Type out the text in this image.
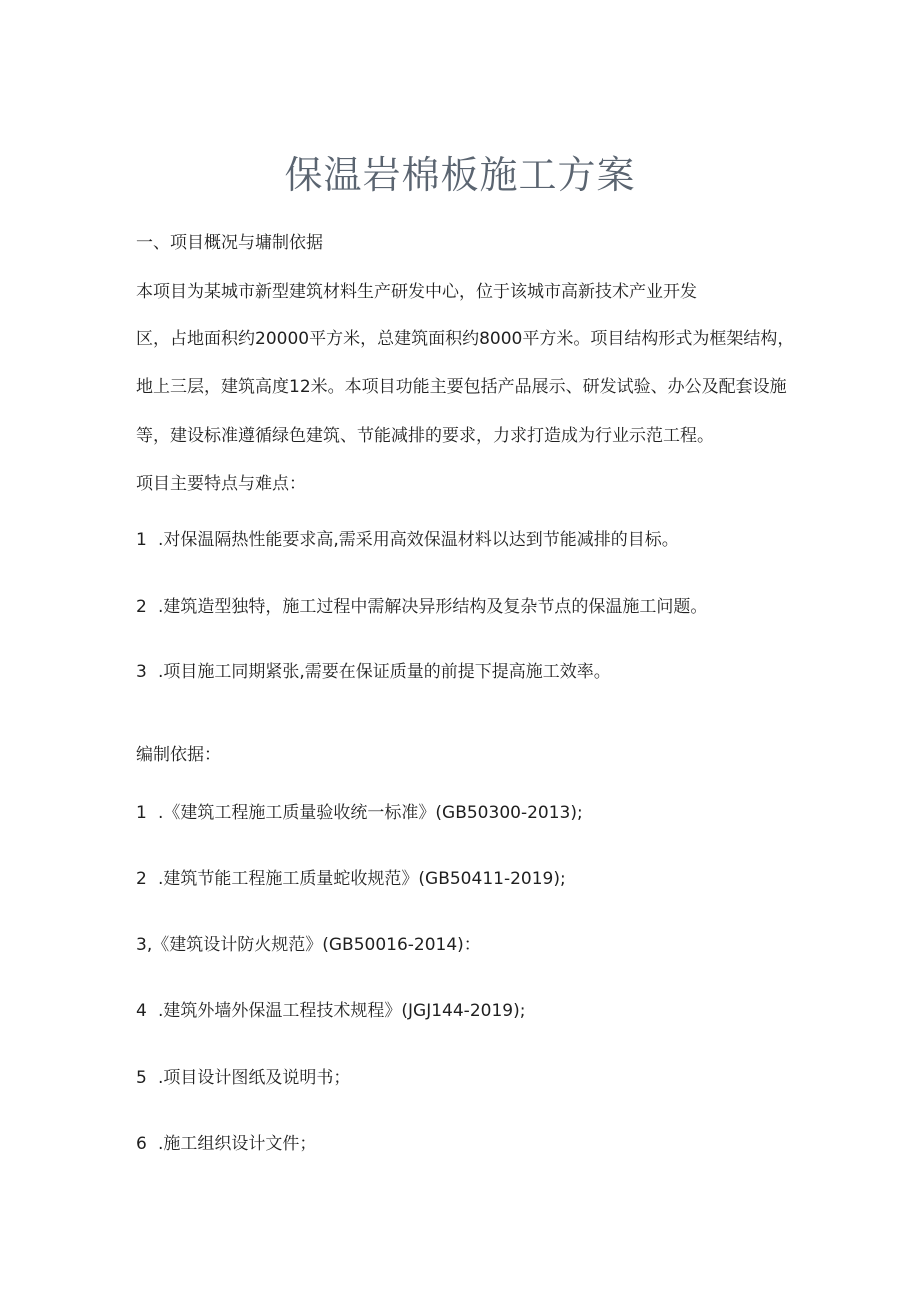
保温岩棉板施工方案
一、项目概况与墉制依据
本项目为某城市新型建筑材料生产研发中心，位于该城市高新技术产业开发
区，占地面积约20000平方米，总建筑面积约8000平方米。项目结构形式为框架结构，
地上三层，建筑高度12米。本项目功能主要包括产品展示、研发试验、办公及配套设施
等，建设标准遵循绿色建筑、节能减排的要求，力求打造成为行业示范工程。
项目主要特点与难点：
1 .对保温隔热性能要求高,需采用高效保温材料以达到节能减排的目标。
2 .建筑造型独特，施工过程中需解决异形结构及复杂节点的保温施工问题。
3 .项目施工同期紧张,需要在保证质量的前提下提高施工效率。
编制依据：
1 .《建筑工程施工质量验收统一标准》(GB50300-2013);
2 .建筑节能工程施工质量蛇收规范》(GB50411-2019);
3,《建筑设计防火规范》(GB50016-2014)：
4 .建筑外墙外保温工程技术规程》(JGJ144-2019);
5 .项目设计图纸及说明书；
6 .施工组织设计文件；
